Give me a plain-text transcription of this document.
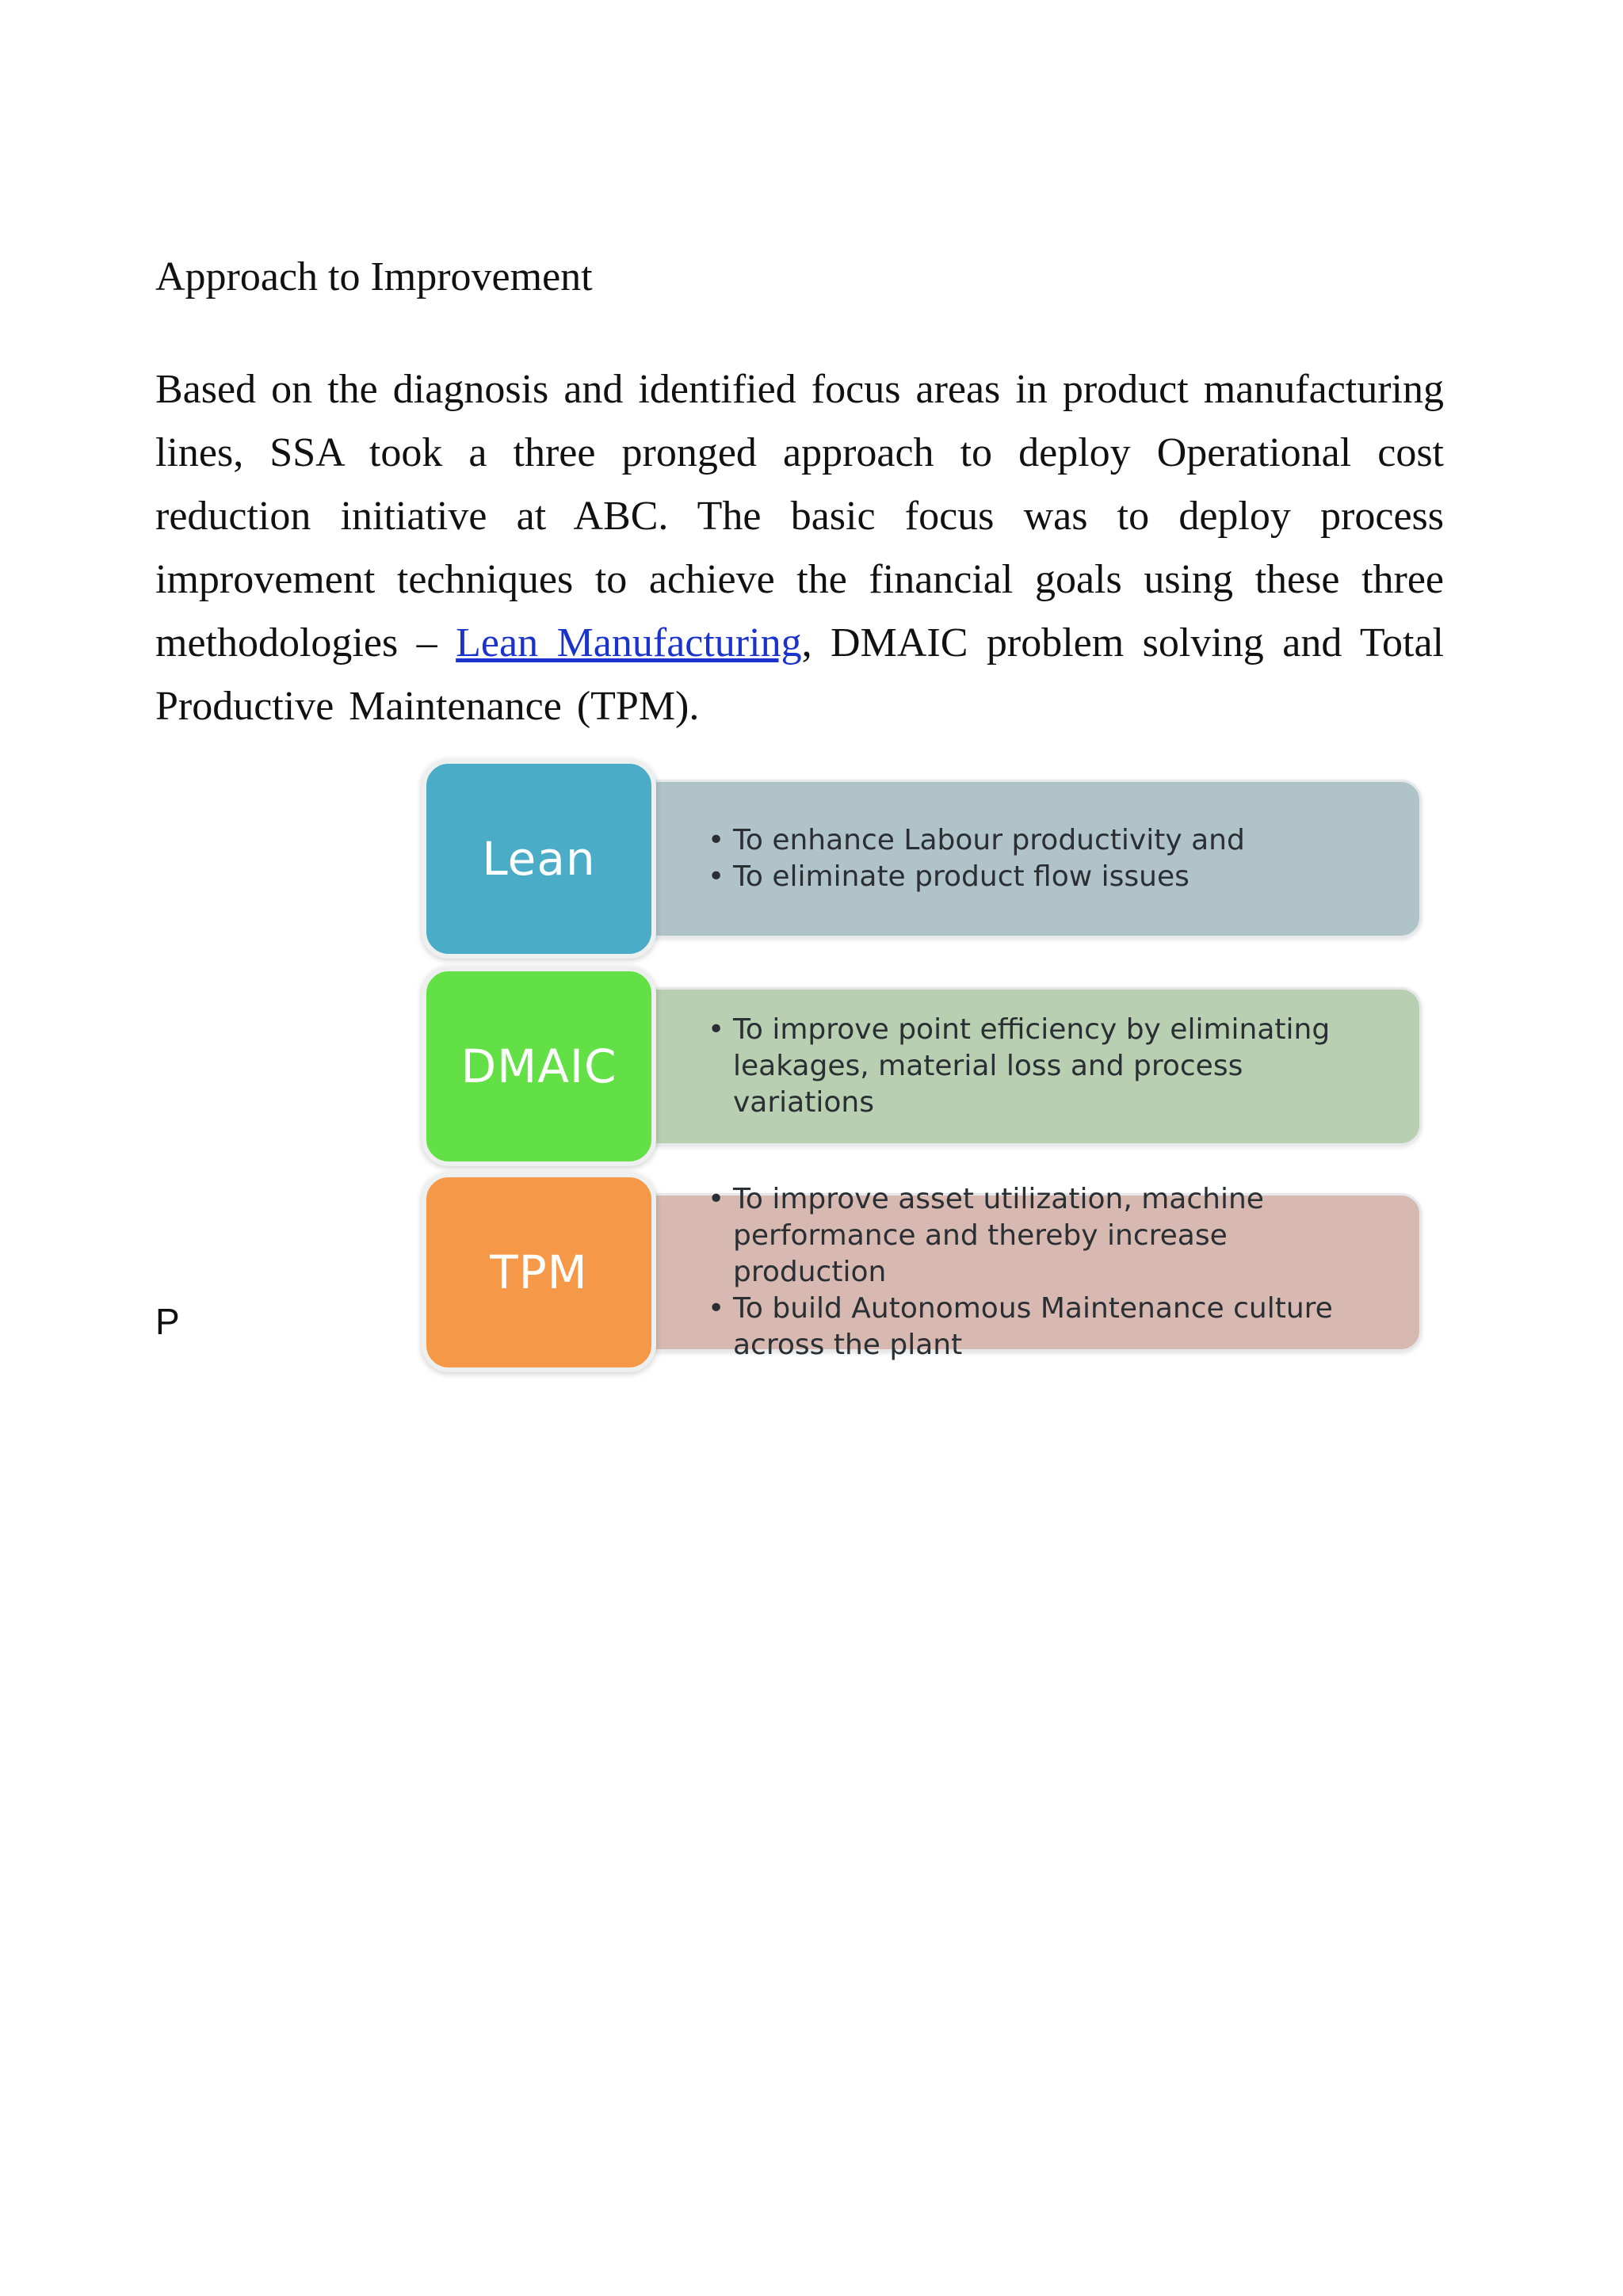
Approach to Improvement

Based on the diagnosis and identified focus areas in product manufacturing lines, SSA took a three pronged approach to deploy Operational cost reduction initiative at ABC. The basic focus was to deploy process improvement techniques to achieve the financial goals using these three methodologies – Lean Manufacturing, DMAIC problem solving and Total Productive Maintenance (TPM).

P
• To enhance Labour productivity and
• To eliminate product flow issues
Lean
• To improve point efficiency by eliminating leakages, material loss and process variations
DMAIC
• To improve asset utilization, machine performance and thereby increase production
• To build Autonomous Maintenance culture across the plant
TPM
